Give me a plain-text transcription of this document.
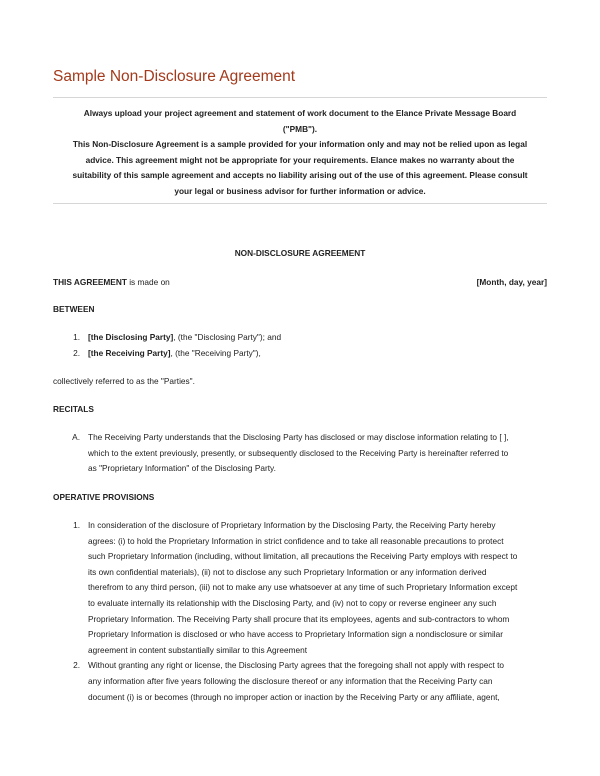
Sample Non-Disclosure Agreement
Always upload your project agreement and statement of work document to the Elance Private Message Board
("PMB").
This Non-Disclosure Agreement is a sample provided for your information only and may not be relied upon as legal
advice. This agreement might not be appropriate for your requirements. Elance makes no warranty about the
suitability of this sample agreement and accepts no liability arising out of the use of this agreement. Please consult
your legal or business advisor for further information or advice.
NON-DISCLOSURE AGREEMENT
THIS AGREEMENT is made on	[Month, day, year]
BETWEEN
1. [the Disclosing Party], (the "Disclosing Party"); and
2. [the Receiving Party], (the "Receiving Party"),
collectively referred to as the "Parties".
RECITALS
A. The Receiving Party understands that the Disclosing Party has disclosed or may disclose information relating to [ ],
which to the extent previously, presently, or subsequently disclosed to the Receiving Party is hereinafter referred to
as "Proprietary Information" of the Disclosing Party.
OPERATIVE PROVISIONS
1. In consideration of the disclosure of Proprietary Information by the Disclosing Party, the Receiving Party hereby
agrees: (i) to hold the Proprietary Information in strict confidence and to take all reasonable precautions to protect
such Proprietary Information (including, without limitation, all precautions the Receiving Party employs with respect to
its own confidential materials), (ii) not to disclose any such Proprietary Information or any information derived
therefrom to any third person, (iii) not to make any use whatsoever at any time of such Proprietary Information except
to evaluate internally its relationship with the Disclosing Party, and (iv) not to copy or reverse engineer any such
Proprietary Information. The Receiving Party shall procure that its employees, agents and sub-contractors to whom
Proprietary Information is disclosed or who have access to Proprietary Information sign a nondisclosure or similar
agreement in content substantially similar to this Agreement
2. Without granting any right or license, the Disclosing Party agrees that the foregoing shall not apply with respect to
any information after five years following the disclosure thereof or any information that the Receiving Party can
document (i) is or becomes (through no improper action or inaction by the Receiving Party or any affiliate, agent,
